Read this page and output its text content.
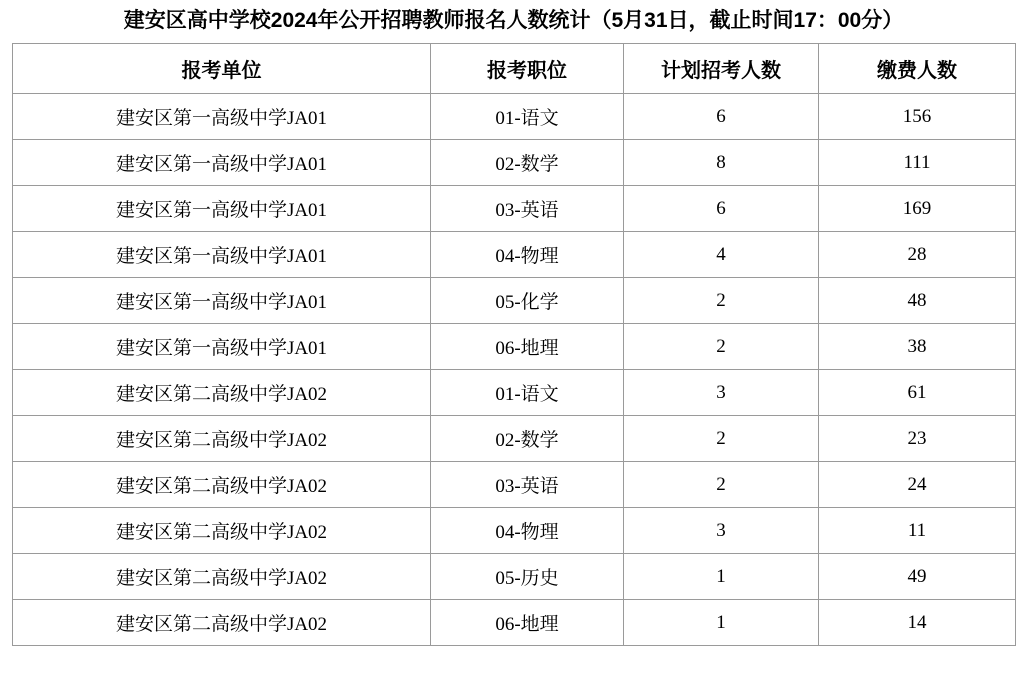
建安区高中学校2024年公开招聘教师报名人数统计（5月31日，截止时间17：00分）
报考单位	报考职位	计划招考人数	缴费人数
建安区第一高级中学JA01	01-语文	6	156
建安区第一高级中学JA01	02-数学	8	111
建安区第一高级中学JA01	03-英语	6	169
建安区第一高级中学JA01	04-物理	4	28
建安区第一高级中学JA01	05-化学	2	48
建安区第一高级中学JA01	06-地理	2	38
建安区第二高级中学JA02	01-语文	3	61
建安区第二高级中学JA02	02-数学	2	23
建安区第二高级中学JA02	03-英语	2	24
建安区第二高级中学JA02	04-物理	3	11
建安区第二高级中学JA02	05-历史	1	49
建安区第二高级中学JA02	06-地理	1	14
